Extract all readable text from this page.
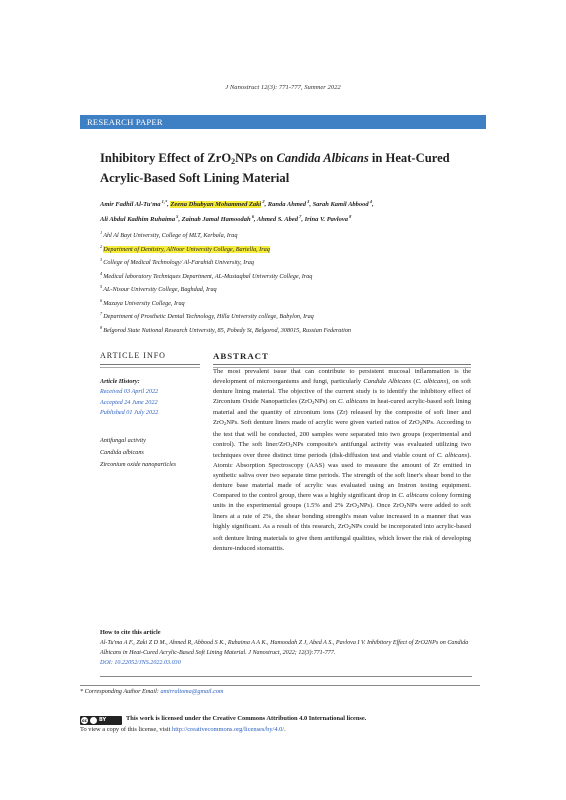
J Nanostruct 12(3): 771-777, Summer 2022
RESEARCH PAPER
Inhibitory Effect of ZrO$_2$NPs on Candida Albicans in Heat-Cured Acrylic-Based Soft Lining Material
Amir Fadhil Al-Tu'ma $^{1,*}$, Zeena Dhubyan Mohammed Zaki $^2$, Randa Ahmed $^3$, Sarah Kamil Abbood $^4$,
Ali Abdul Kadhim Ruhaima $^5$, Zainab Jamal Hamoodah $^6$, Ahmed S. Abed $^7$, Irina V. Pavlova $^8$
$^1$Ahl Al Bayt University, College of MLT, Kerbala, Iraq
$^2$Department of Dentistry, AlNoor University College, Bartella, Iraq
$^3$College of Medical Technology/ Al-Farahidi University, Iraq
$^4$Medical laboratory Techniques Department, AL-Mustaqbal University College, Iraq
$^5$AL-Nisour University College, Baghdad, Iraq
$^6$Mazaya University College, Iraq
$^7$Department of Prosthetic Dental Technology, Hilla University college, Babylon, Iraq
$^8$Belgorod State National Research University, 85, Pobedy St, Belgorod, 308015, Russian Federation
ARTICLE INFO
Article History:
Received 03 April 2022
Accepted 24 June 2022
Published 01 July 2022
Antifungal activity
Candida albicans
Zirconium oxide nanoparticles
ABSTRACT
The most prevalent issue that can contribute to persistent mucosal inflammation is the development of microorganisms and fungi, particularly Candida Albicans (C. albicans), on soft denture lining material. The objective of the current study is to identify the inhibitory effect of Zirconium Oxide Nanoparticles (ZrO$_2$NPs) on C. albicans in heat-cured acrylic-based soft lining material and the quantity of zirconium ions (Zr) released by the composite of soft liner and ZrO$_2$NPs. Soft denture liners made of acrylic were given varied ratios of ZrO$_2$NPs. According to the test that will be conducted, 200 samples were separated into two groups (experimental and control). The soft liner/ZrO$_2$NPs composite's antifungal activity was evaluated utilizing two techniques over three distinct time periods (disk-diffusion test and viable count of C. albicans). Atomic Absorption Spectroscopy (AAS) was used to measure the amount of Zr emitted in synthetic saliva over two separate time periods. The strength of the soft liner's shear bond to the denture base material made of acrylic was evaluated using an Instron testing equipment. Compared to the control group, there was a highly significant drop in C. albicans colony forming units in the experimental groups (1.5% and 2% ZrO$_2$NPs). Once ZrO$_2$NPs were added to soft liners at a rate of 2%, the shear bonding strength's mean value increased in a manner that was highly significant. As a result of this research, ZrO$_2$NPs could be incorporated into acrylic-based soft denture lining materials to give them antifungal qualities, which lower the risk of developing denture-induced stomatitis.
How to cite this article
Al-Tu'ma A F., Zaki Z D M., Ahmed R, Abbood S K., Ruhaima A A K., Hamoodah Z J, Abed A S., Pavlova I V. Inhibitory Effect of ZrO2NPs on Candida Albicans in Heat-Cured Acrylic-Based Soft Lining Material. J Nanostruct, 2022; 12(3):771-777.
DOI: 10.22052/JNS.2022.03.030
* Corresponding Author Email: amirraltoma@gmail.com
cc BY	This work is licensed under the Creative Commons Attribution 4.0 International license.
To view a copy of this license, visit http://creativecommons.org/licenses/by/4.0/.
